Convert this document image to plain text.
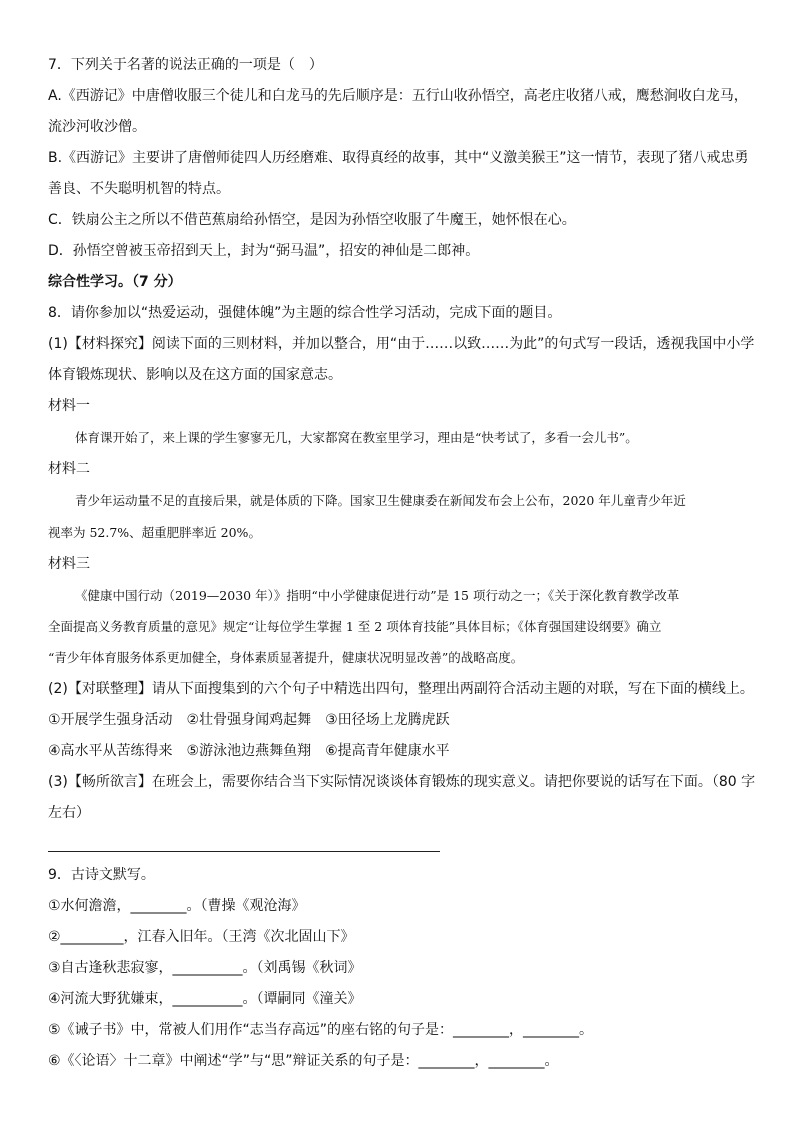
7．下列关于名著的说法正确的一项是（　）
A.《西游记》中唐僧收服三个徒儿和白龙马的先后顺序是：五行山收孙悟空，高老庄收猪八戒，鹰愁涧收白龙马，
流沙河收沙僧。
B.《西游记》主要讲了唐僧师徒四人历经磨难、取得真经的故事，其中“义激美猴王”这一情节，表现了猪八戒忠勇
善良、不失聪明机智的特点。
C．铁扇公主之所以不借芭蕉扇给孙悟空，是因为孙悟空收服了牛魔王，她怀恨在心。
D．孙悟空曾被玉帝招到天上，封为“弼马温”，招安的神仙是二郎神。
综合性学习。（7 分）
8．请你参加以“热爱运动，强健体魄”为主题的综合性学习活动，完成下面的题目。
(1)【材料探究】阅读下面的三则材料，并加以整合，用“由于……以致……为此”的句式写一段话，透视我国中小学
体育锻炼现状、影响以及在这方面的国家意志。
材料一
体育课开始了，来上课的学生寥寥无几，大家都窝在教室里学习，理由是“快考试了，多看一会儿书”。
材料二
青少年运动量不足的直接后果，就是体质的下降。国家卫生健康委在新闻发布会上公布，2020 年儿童青少年近
视率为 52.7%、超重肥胖率近 20%。
材料三
《健康中国行动（2019—2030 年）》指明“中小学健康促进行动”是 15 项行动之一；《关于深化教育教学改革
全面提高义务教育质量的意见》规定“让每位学生掌握 1 至 2 项体育技能”具体目标；《体育强国建设纲要》确立
“青少年体育服务体系更加健全，身体素质显著提升，健康状况明显改善”的战略高度。
(2)【对联整理】请从下面搜集到的六个句子中精选出四句，整理出两副符合活动主题的对联，写在下面的横线上。
①开展学生强身活动　②壮骨强身闻鸡起舞　③田径场上龙腾虎跃
④高水平从苦练得来　⑤游泳池边燕舞鱼翔　⑥提高青年健康水平
(3)【畅所欲言】在班会上，需要你结合当下实际情况谈谈体育锻炼的现实意义。请把你要说的话写在下面。（80 字
左右）
9．古诗文默写。
①水何澹澹，________。（曹操《观沧海》
②_________，江春入旧年。（王湾《次北固山下》
③自古逢秋悲寂寥，__________。（刘禹锡《秋词》
④河流大野犹嫌束，__________。（谭嗣同《潼关》
⑤《诫子书》中，常被人们用作“志当存高远”的座右铭的句子是：________，________。
⑥《〈论语〉十二章》中阐述“学”与“思”辩证关系的句子是：________，________。
